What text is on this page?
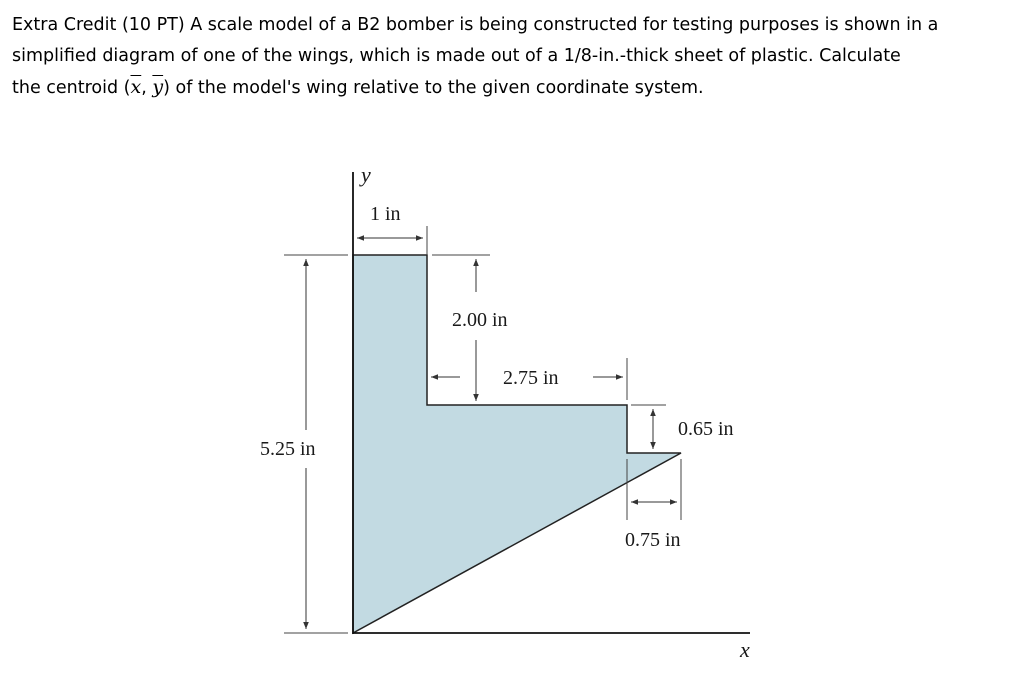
Extra Credit (10 PT) A scale model of a B2 bomber is being constructed for testing purposes is shown in a
simplified diagram of one of the wings, which is made out of a 1/8-in.-thick sheet of plastic. Calculate
the centroid ($\overline{x}$, $\overline{y}$) of the model's wing relative to the given coordinate system.
y
x
1 in
2.00 in
2.75 in
0.65 in
0.75 in
5.25 in
